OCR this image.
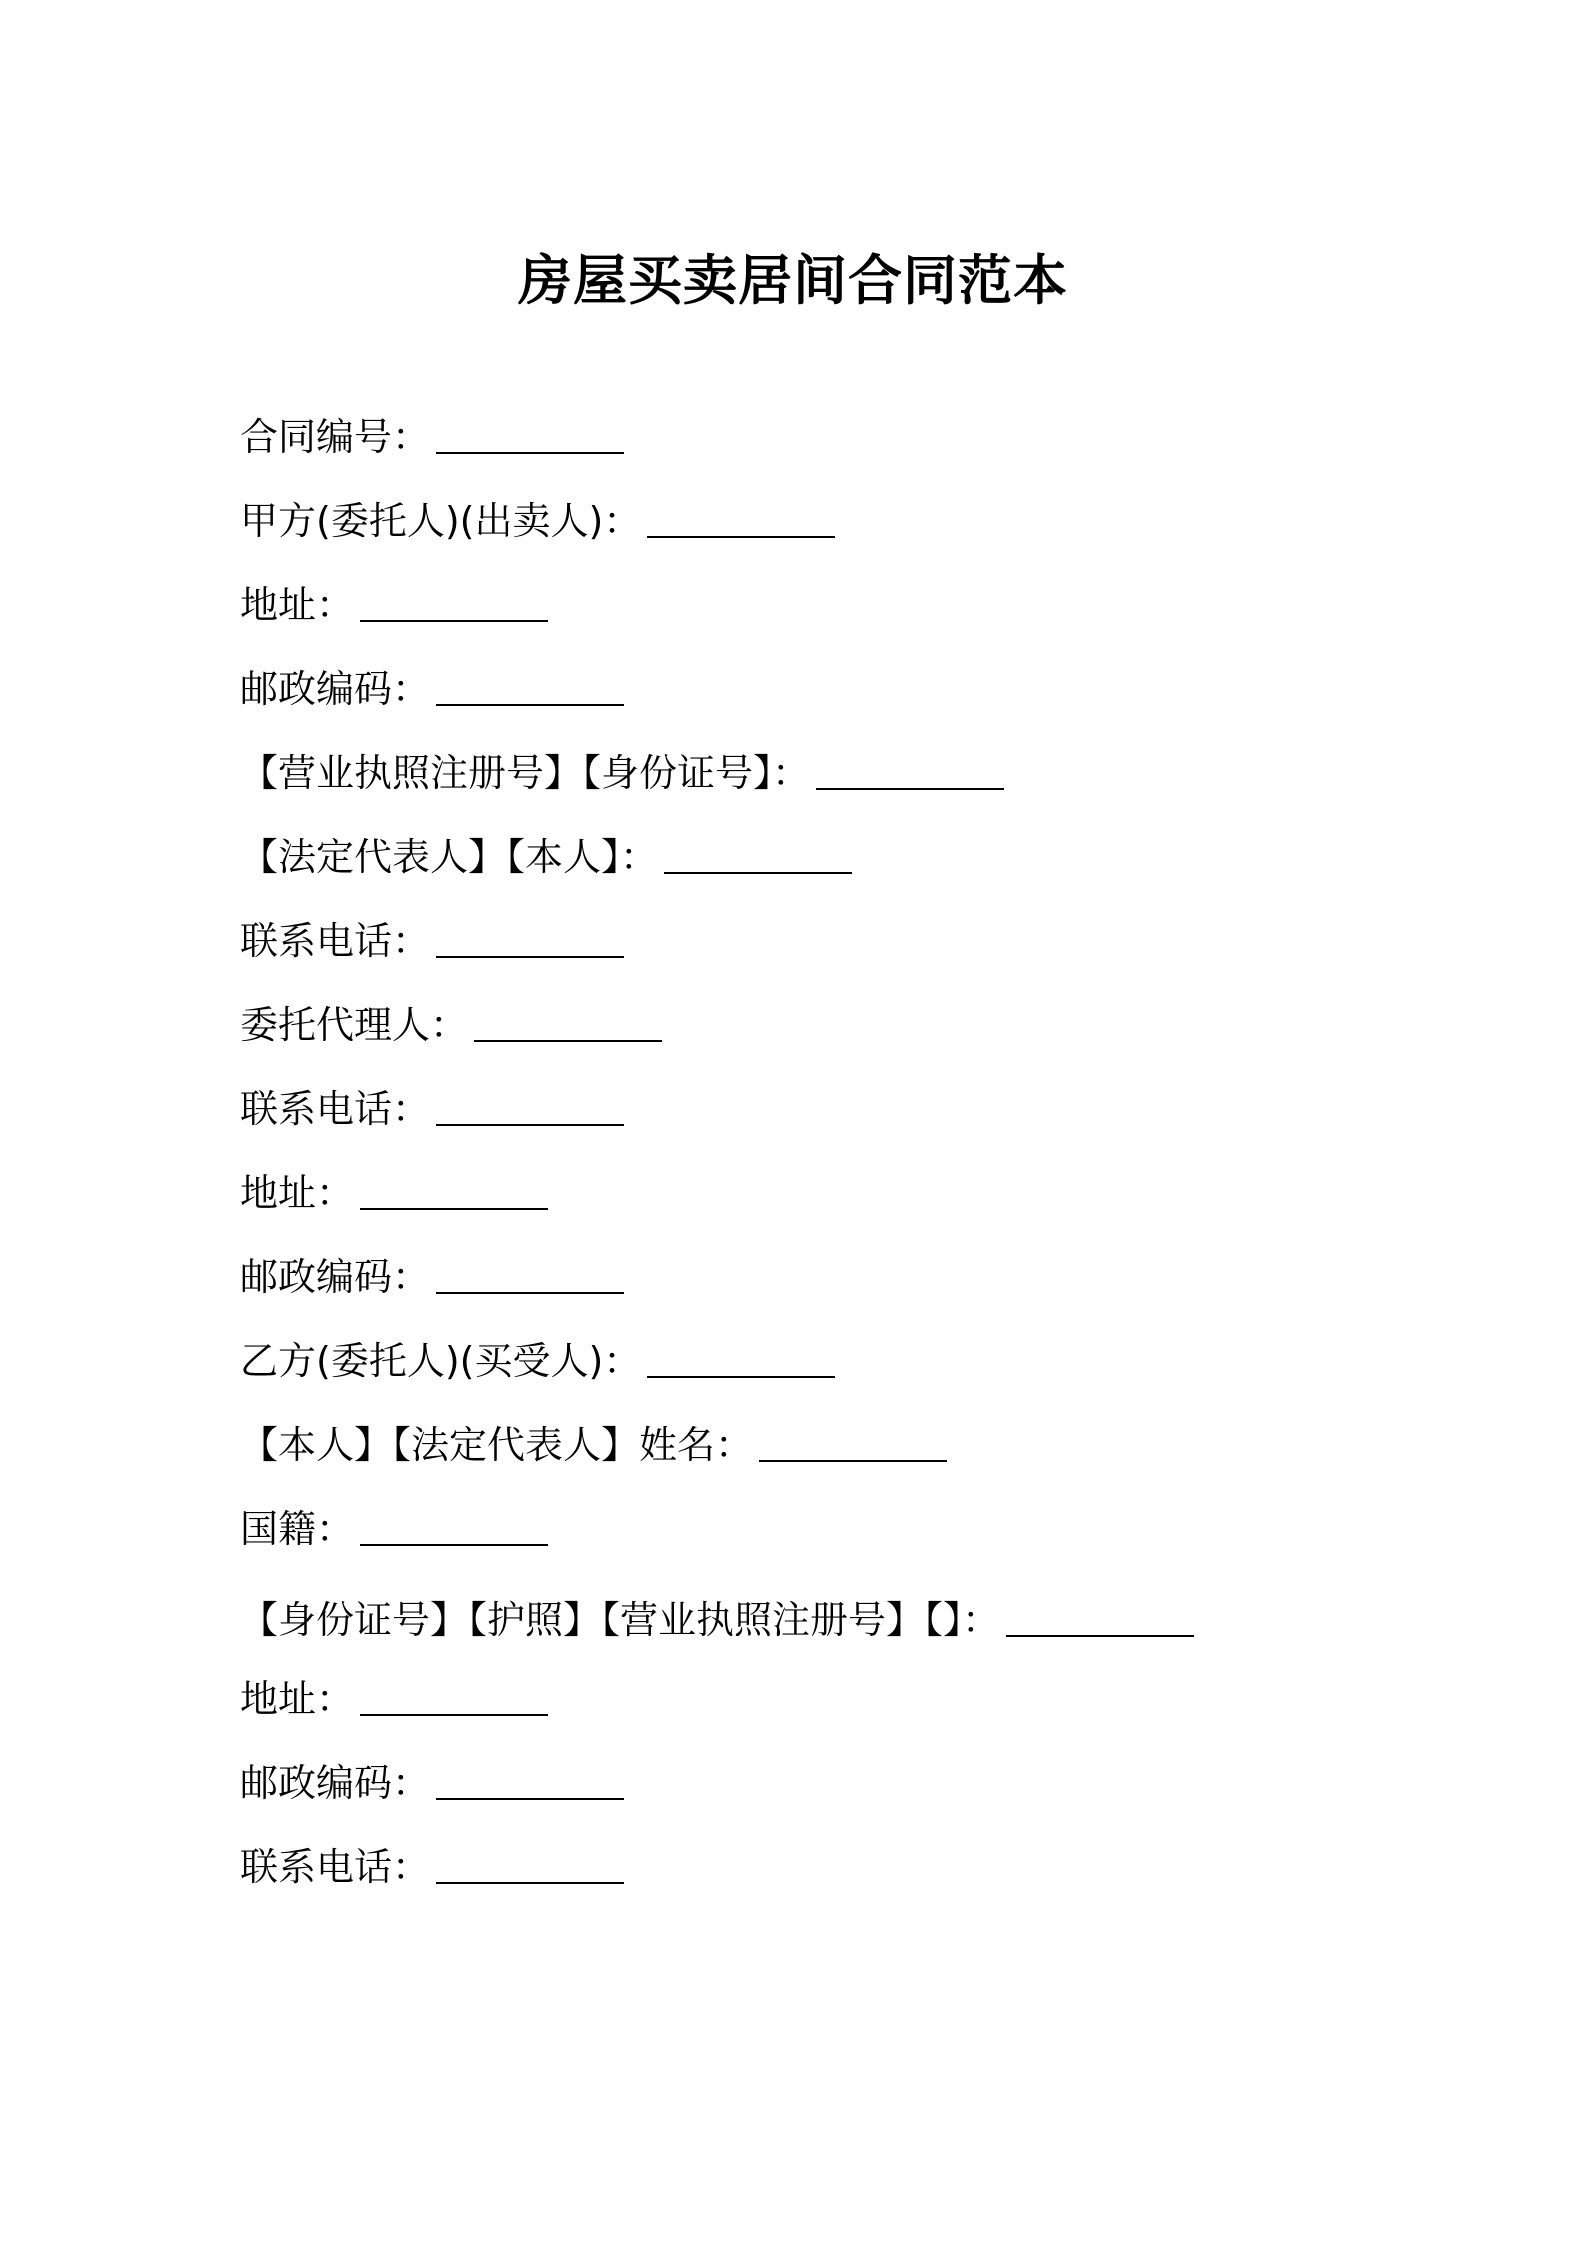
房屋买卖居间合同范本
合同编号：
甲方(委托人)(出卖人)：
地址：
邮政编码：
【营业执照注册号】【身份证号】：
【法定代表人】【本人】：
联系电话：
委托代理人：
联系电话：
地址：
邮政编码：
乙方(委托人)(买受人)：
【本人】【法定代表人】姓名：
国籍：
【身份证号】【护照】【营业执照注册号】【】：
地址：
邮政编码：
联系电话：
